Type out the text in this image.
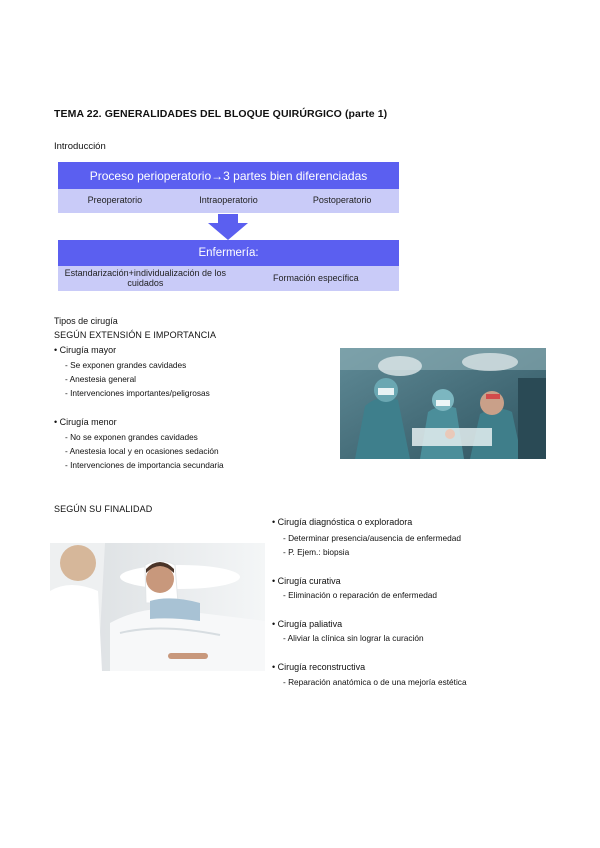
TEMA 22. GENERALIDADES DEL BLOQUE QUIRÚRGICO (parte 1)
Introducción
Proceso perioperatorio→3 partes bien diferenciadas
Preoperatorio	Intraoperatorio	Postoperatorio
Enfermería:
Estandarización+individualización de los cuidados	Formación específica
Tipos de cirugía
SEGÚN EXTENSIÓN E IMPORTANCIA
• Cirugía mayor
- Se exponen grandes cavidades
- Anestesia general
- Intervenciones importantes/peligrosas
• Cirugía menor
- No se exponen grandes cavidades
- Anestesia local y en ocasiones sedación
- Intervenciones de importancia secundaria
SEGÚN SU FINALIDAD
• Cirugía diagnóstica o exploradora
- Determinar presencia/ausencia de enfermedad
- P. Ejem.: biopsia
• Cirugía curativa
- Eliminación o reparación de enfermedad
• Cirugía paliativa
- Aliviar la clínica sin lograr la curación
• Cirugía reconstructiva
- Reparación anatómica o de una mejoría estética
